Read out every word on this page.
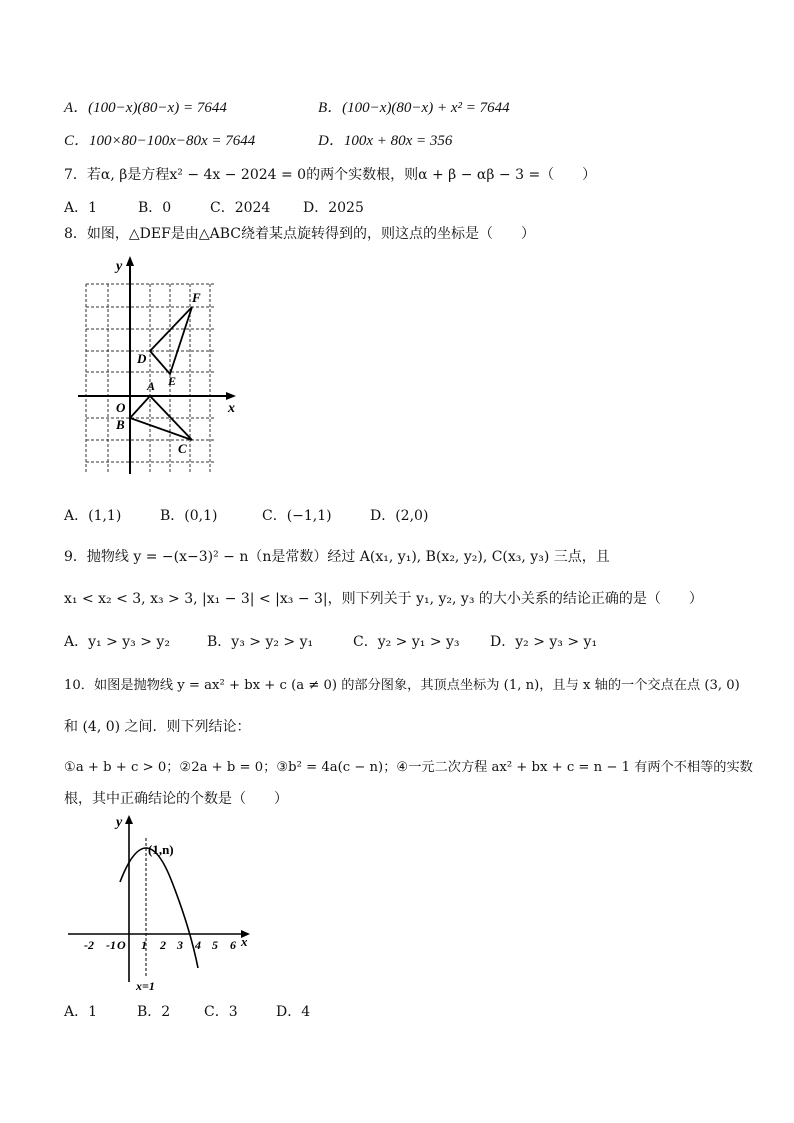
A．(100−x)(80−x) = 7644	B．(100−x)(80−x) + x² = 7644
C．100×80−100x−80x = 7644	D．100x + 80x = 356
7．若α, β是方程x² − 4x − 2024 = 0的两个实数根，则α + β − αβ − 3 =（　　）
A．1	B．0	C．2024 D．2025
8．如图，△DEF是由△ABC绕着某点旋转得到的，则这点的坐标是（　　）
y
x
O
A
B
C
D
E
F
A．(1,1)	B．(0,1)	C．(−1,1)	D．(2,0)
9．抛物线 y = −(x−3)² − n（n是常数）经过 A(x₁, y₁), B(x₂, y₂), C(x₃, y₃) 三点，且
x₁ < x₂ < 3, x₃ > 3, |x₁ − 3| < |x₃ − 3|，则下列关于 y₁, y₂, y₃ 的大小关系的结论正确的是（　　）
A．y₁ > y₃ > y₂	B．y₃ > y₂ > y₁	C．y₂ > y₁ > y₃ D．y₂ > y₃ > y₁
10．如图是抛物线 y = ax² + bx + c (a ≠ 0) 的部分图象，其顶点坐标为 (1, n)，且与 x 轴的一个交点在点 (3, 0)
和 (4, 0) 之间．则下列结论：
①a + b + c > 0；②2a + b = 0；③b² = 4a(c − n)；④一元二次方程 ax² + bx + c = n − 1 有两个不相等的实数
根，其中正确结论的个数是（　　）
y
x
(1,n)
x=1
-2 -1 O 1 2 3 4 5 6
A．1	B．2 C．3	D．4
